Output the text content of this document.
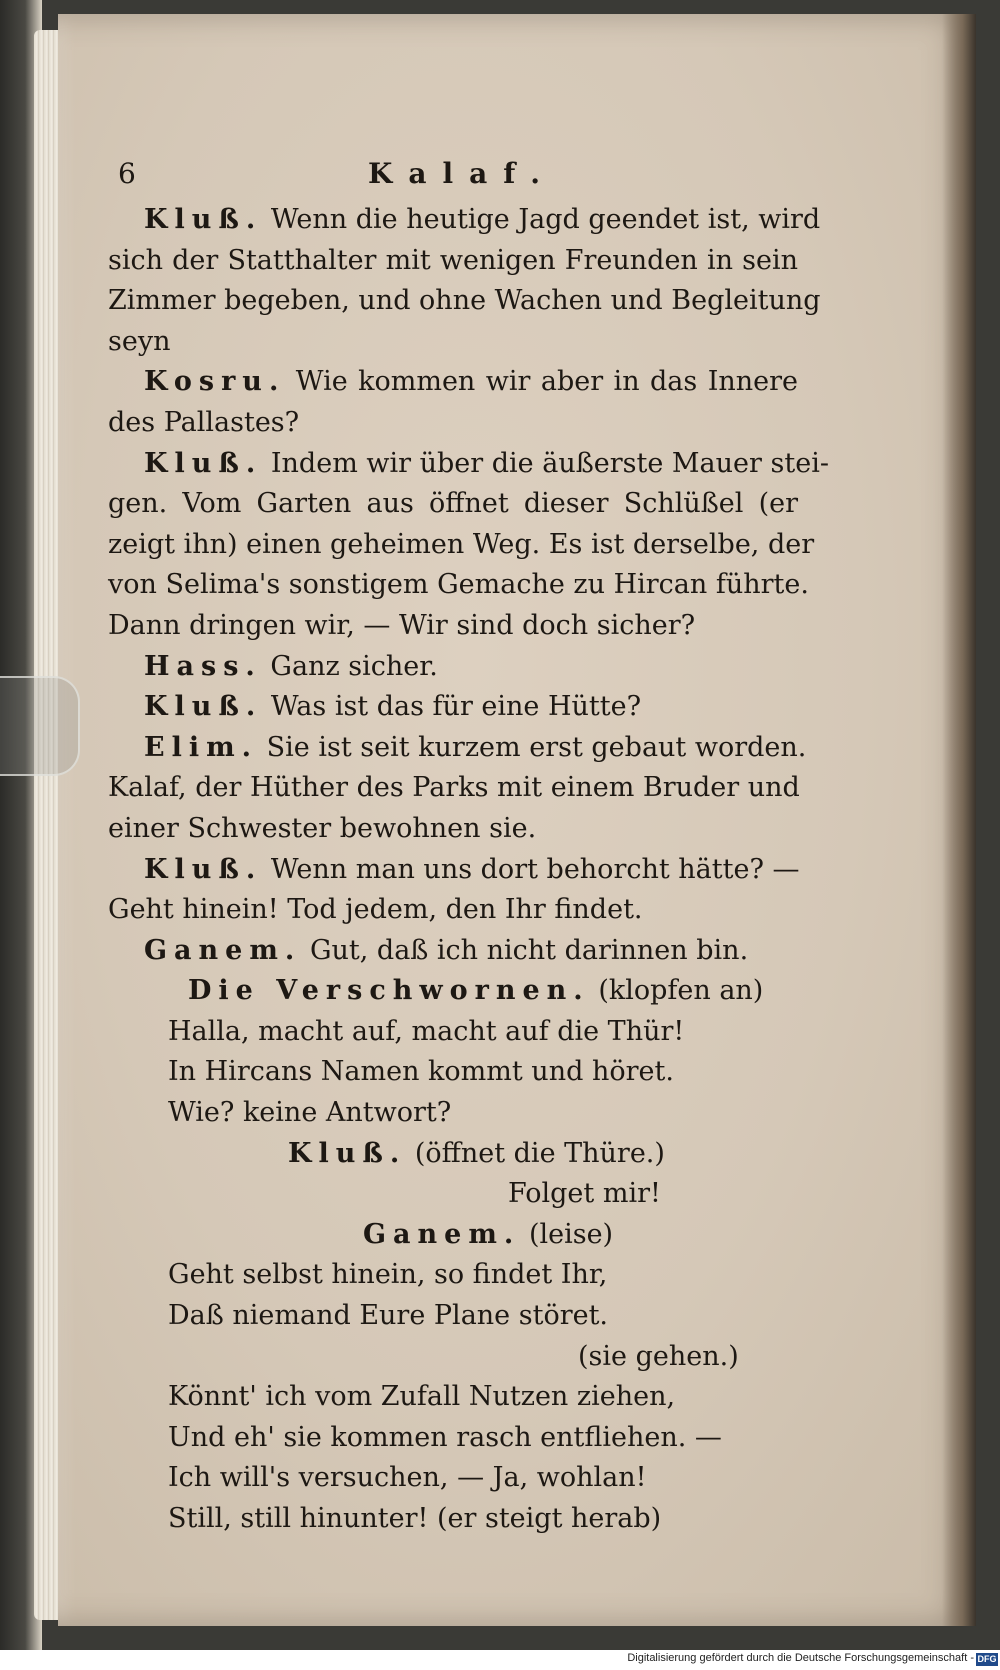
6	Kalaf.
Kluß. Wenn die heutige Jagd geendet ist, wird
sich der Statthalter mit wenigen Freunden in sein
Zimmer begeben, und ohne Wachen und Begleitung
seyn
Kosru. Wie kommen wir aber in das Innere
des Pallastes?
Kluß. Indem wir über die äußerste Mauer stei-
gen. Vom Garten aus öffnet dieser Schlüßel (er
zeigt ihn) einen geheimen Weg. Es ist derselbe, der
von Selima's sonstigem Gemache zu Hircan führte.
Dann dringen wir, — Wir sind doch sicher?
Hass. Ganz sicher.
Kluß. Was ist das für eine Hütte?
Elim. Sie ist seit kurzem erst gebaut worden.
Kalaf, der Hüther des Parks mit einem Bruder und
einer Schwester bewohnen sie.
Kluß. Wenn man uns dort behorcht hätte? —
Geht hinein! Tod jedem, den Ihr findet.
Ganem. Gut, daß ich nicht darinnen bin.
Die Verschwornen. (klopfen an)
Halla, macht auf, macht auf die Thür!
In Hircans Namen kommt und höret.
Wie? keine Antwort?
Kluß. (öffnet die Thüre.)
Folget mir!
Ganem. (leise)
Geht selbst hinein, so findet Ihr,
Daß niemand Eure Plane störet.
(sie gehen.)
Könnt' ich vom Zufall Nutzen ziehen,
Und eh' sie kommen rasch entfliehen. —
Ich will's versuchen, — Ja, wohlan!
Still, still hinunter! (er steigt herab)
Digitalisierung gefördert durch die Deutsche Forschungsgemeinschaft - DFG
